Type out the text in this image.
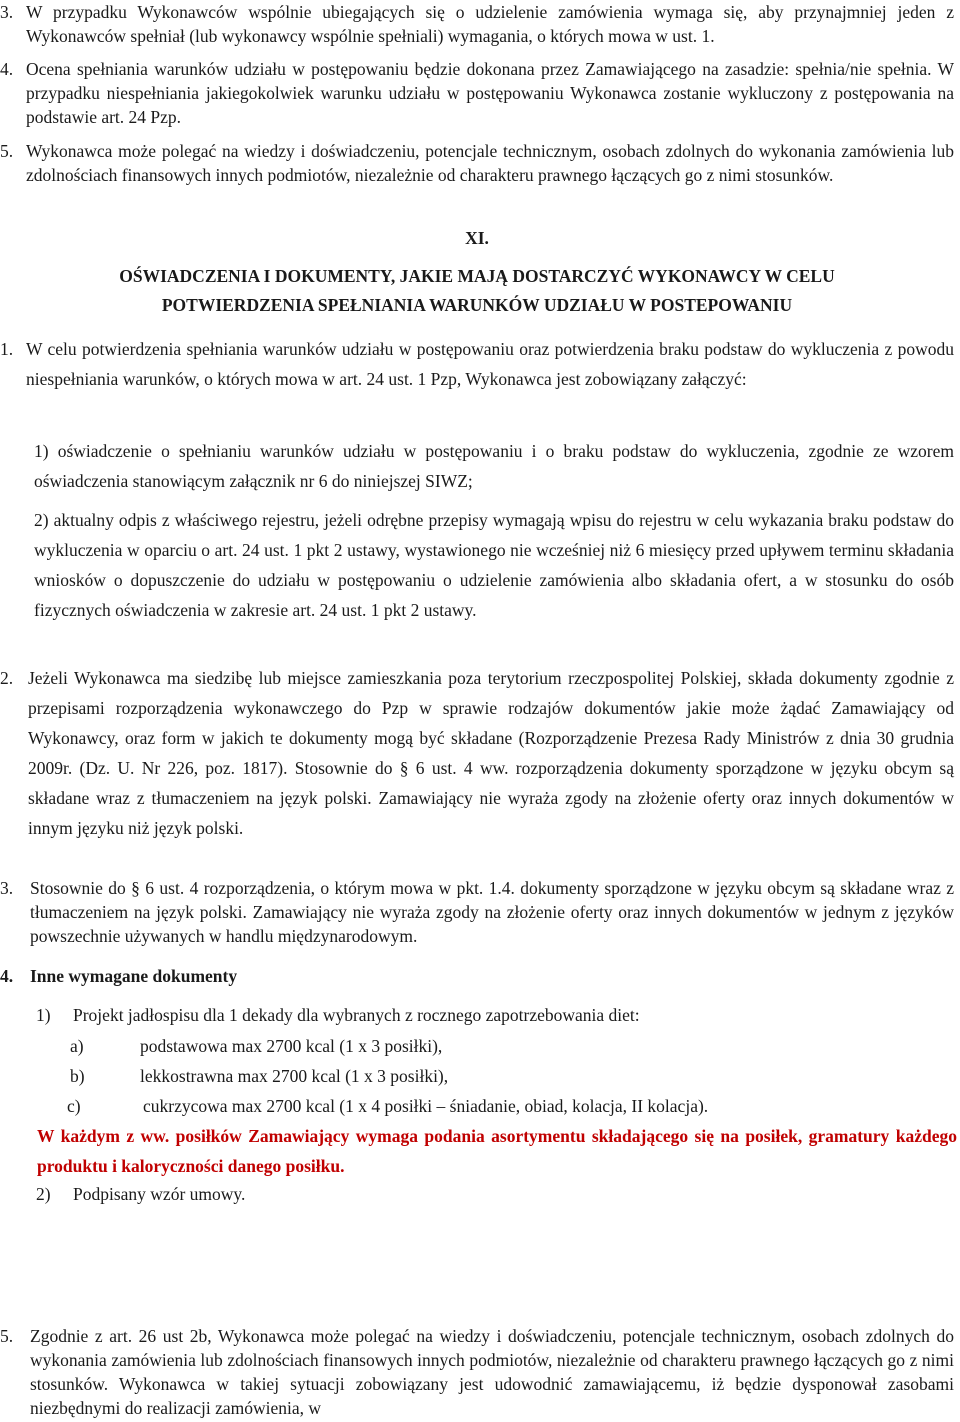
3. W przypadku Wykonawców wspólnie ubiegających się o udzielenie zamówienia wymaga się, aby przynajmniej jeden z Wykonawców spełniał (lub wykonawcy wspólnie spełniali) wymagania, o których mowa w ust. 1.
4. Ocena spełniania warunków udziału w postępowaniu będzie dokonana przez Zamawiającego na zasadzie: spełnia/nie spełnia. W przypadku niespełniania jakiegokolwiek warunku udziału w postępowaniu Wykonawca zostanie wykluczony z postępowania na podstawie art. 24 Pzp.
5. Wykonawca może polegać na wiedzy i doświadczeniu, potencjale technicznym, osobach zdolnych do wykonania zamówienia lub zdolnościach finansowych innych podmiotów, niezależnie od charakteru prawnego łączących go z nimi stosunków.
XI.
OŚWIADCZENIA I DOKUMENTY, JAKIE MAJĄ DOSTARCZYĆ WYKONAWCY W CELU
POTWIERDZENIA SPEŁNIANIA WARUNKÓW UDZIAŁU W POSTEPOWANIU
1. W celu potwierdzenia spełniania warunków udziału w postępowaniu oraz potwierdzenia braku podstaw do wykluczenia z powodu niespełniania warunków, o których mowa w art. 24 ust. 1 Pzp, Wykonawca jest zobowiązany załączyć:
1) oświadczenie o spełnianiu warunków udziału w postępowaniu i o braku podstaw do wykluczenia, zgodnie ze wzorem oświadczenia stanowiącym załącznik nr 6 do niniejszej SIWZ;
2) aktualny odpis z właściwego rejestru, jeżeli odrębne przepisy wymagają wpisu do rejestru w celu wykazania braku podstaw do wykluczenia w oparciu o art. 24 ust. 1 pkt 2 ustawy, wystawionego nie wcześniej niż 6 miesięcy przed upływem terminu składania wniosków o dopuszczenie do udziału w postępowaniu o udzielenie zamówienia albo składania ofert, a w stosunku do osób fizycznych oświadczenia w zakresie art. 24 ust. 1 pkt 2 ustawy.
2. Jeżeli Wykonawca ma siedzibę lub miejsce zamieszkania poza terytorium rzeczpospolitej Polskiej, składa dokumenty zgodnie z przepisami rozporządzenia wykonawczego do Pzp w sprawie rodzajów dokumentów jakie może żądać Zamawiający od Wykonawcy, oraz form w jakich te dokumenty mogą być składane (Rozporządzenie Prezesa Rady Ministrów z dnia 30 grudnia 2009r. (Dz. U. Nr 226, poz. 1817). Stosownie do § 6 ust. 4 ww. rozporządzenia dokumenty sporządzone w języku obcym są składane wraz z tłumaczeniem na język polski. Zamawiający nie wyraża zgody na złożenie oferty oraz innych dokumentów w innym języku niż język polski.
3. Stosownie do § 6 ust. 4 rozporządzenia, o którym mowa w pkt. 1.4. dokumenty sporządzone w języku obcym są składane wraz z tłumaczeniem na język polski. Zamawiający nie wyraża zgody na złożenie oferty oraz innych dokumentów w jednym z języków powszechnie używanych w handlu międzynarodowym.
4. Inne wymagane dokumenty
1)	Projekt jadłospisu dla 1 dekady dla wybranych z rocznego zapotrzebowania diet:
a)	podstawowa max 2700 kcal (1 x 3 posiłki),
b)	lekkostrawna max 2700 kcal (1 x 3 posiłki),
c)	cukrzycowa max 2700 kcal (1 x 4 posiłki – śniadanie, obiad, kolacja, II kolacja).
W każdym z ww. posiłków Zamawiający wymaga podania asortymentu składającego się na posiłek, gramatury każdego produktu i kaloryczności danego posiłku.
2)	Podpisany wzór umowy.
5. Zgodnie z art. 26 ust 2b, Wykonawca może polegać na wiedzy i doświadczeniu, potencjale technicznym, osobach zdolnych do wykonania zamówienia lub zdolnościach finansowych innych podmiotów, niezależnie od charakteru prawnego łączących go z nimi stosunków. Wykonawca w takiej sytuacji zobowiązany jest udowodnić zamawiającemu, iż będzie dysponował zasobami niezbędnymi do realizacji zamówienia, w
